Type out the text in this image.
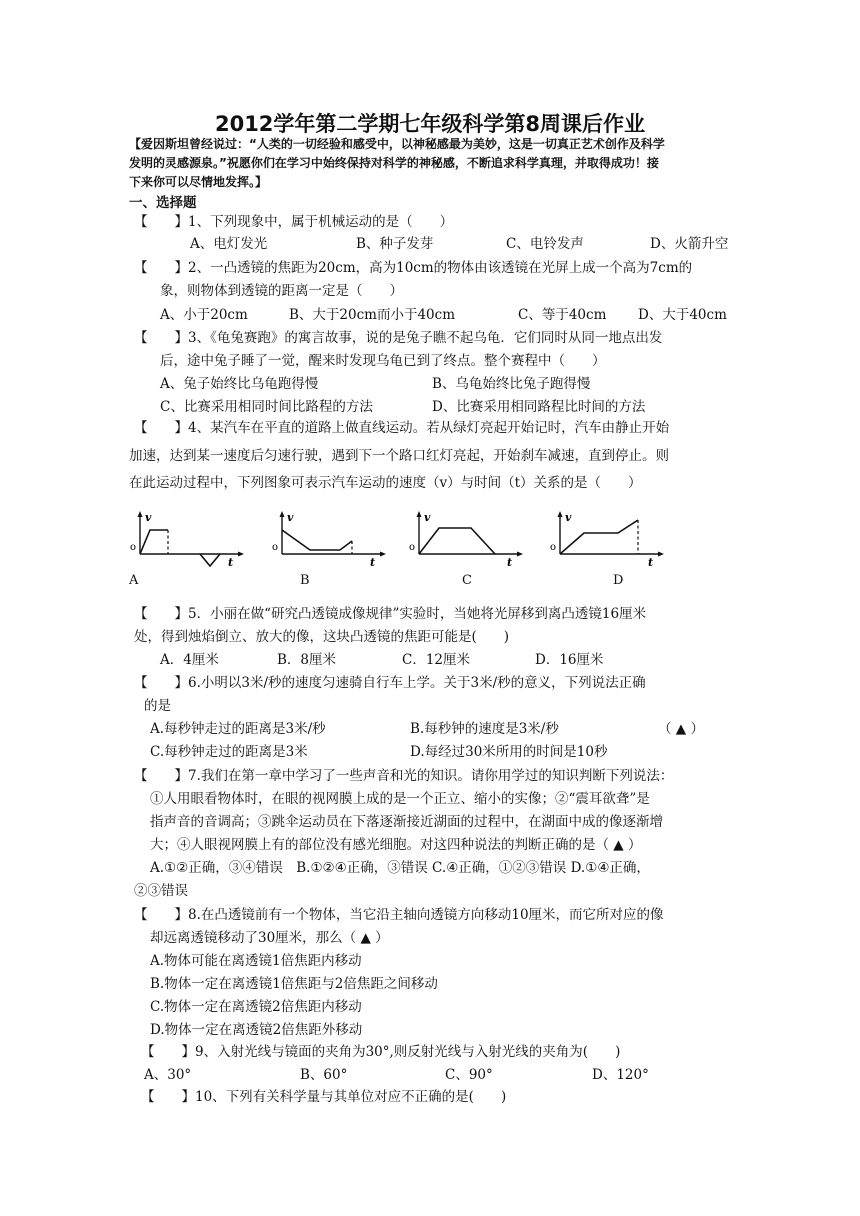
2012学年第二学期七年级科学第8周课后作业
【爱因斯坦曾经说过：“人类的一切经验和感受中，以神秘感最为美妙，这是一切真正艺术创作及科学
发明的灵感源泉。”祝愿你们在学习中始终保持对科学的神秘感，不断追求科学真理，并取得成功！接
下来你可以尽情地发挥。】
一、选择题
【　　】1、下列现象中，属于机械运动的是（　　）
A、电灯发光	B、种子发芽	C、电铃发声	D、火箭升空
【　　】2、一凸透镜的焦距为20cm，高为10cm的物体由该透镜在光屏上成一个高为7cm的
象，则物体到透镜的距离一定是（　　）
A、小于20cm	B、大于20cm而小于40cm	C、等于40cm D、大于40cm
【　　】3、《龟兔赛跑》的寓言故事，说的是兔子瞧不起乌龟．它们同时从同一地点出发
后，途中兔子睡了一觉，醒来时发现乌龟已到了终点。整个赛程中（　　）
A、兔子始终比乌龟跑得慢	B、乌龟始终比兔子跑得慢
C、比赛采用相同时间比路程的方法	D、比赛采用相同路程比时间的方法
【　　】4、某汽车在平直的道路上做直线运动。若从绿灯亮起开始记时，汽车由静止开始
加速，达到某一速度后匀速行驶，遇到下一个路口红灯亮起，开始刹车减速，直到停止。则
在此运动过程中，下列图象可表示汽车运动的速度（v）与时间（t）关系的是（　　）
v
o
t
v
o
t
v
o
t
v
o
t
A	B	C	D
【　　】5．小丽在做“研究凸透镜成像规律”实验时，当她将光屏移到离凸透镜16厘米
处，得到烛焰倒立、放大的像，这块凸透镜的焦距可能是(　　)
A．4厘米	B．8厘米	C．12厘米	D．16厘米
【　　】6.小明以3米/秒的速度匀速骑自行车上学。关于3米/秒的意义，下列说法正确
的是
A.每秒钟走过的距离是3米/秒	B.每秒钟的速度是3米/秒	（ ▲ ）
C.每秒钟走过的距离是3米	D.每经过30米所用的时间是10秒
【　　】7.我们在第一章中学习了一些声音和光的知识。请你用学过的知识判断下列说法：
①人用眼看物体时，在眼的视网膜上成的是一个正立、缩小的实像；②“震耳欲聋”是
指声音的音调高；③跳伞运动员在下落逐渐接近湖面的过程中，在湖面中成的像逐渐增
大；④人眼视网膜上有的部位没有感光细胞。对这四种说法的判断正确的是（ ▲ ）
A.①②正确，③④错误　B.①②④正确，③错误 C.④正确，①②③错误 D.①④正确，
②③错误
【　　】8.在凸透镜前有一个物体，当它沿主轴向透镜方向移动10厘米，而它所对应的像
却远离透镜移动了30厘米，那么（ ▲ ）
A.物体可能在离透镜1倍焦距内移动
B.物体一定在离透镜1倍焦距与2倍焦距之间移动
C.物体一定在离透镜2倍焦距内移动
D.物体一定在离透镜2倍焦距外移动
【　　】9、入射光线与镜面的夹角为30°,则反射光线与入射光线的夹角为(　　)
A、30°	B、60°	C、90°	D、120°
【　　】10、下列有关科学量与其单位对应不正确的是(　　)
